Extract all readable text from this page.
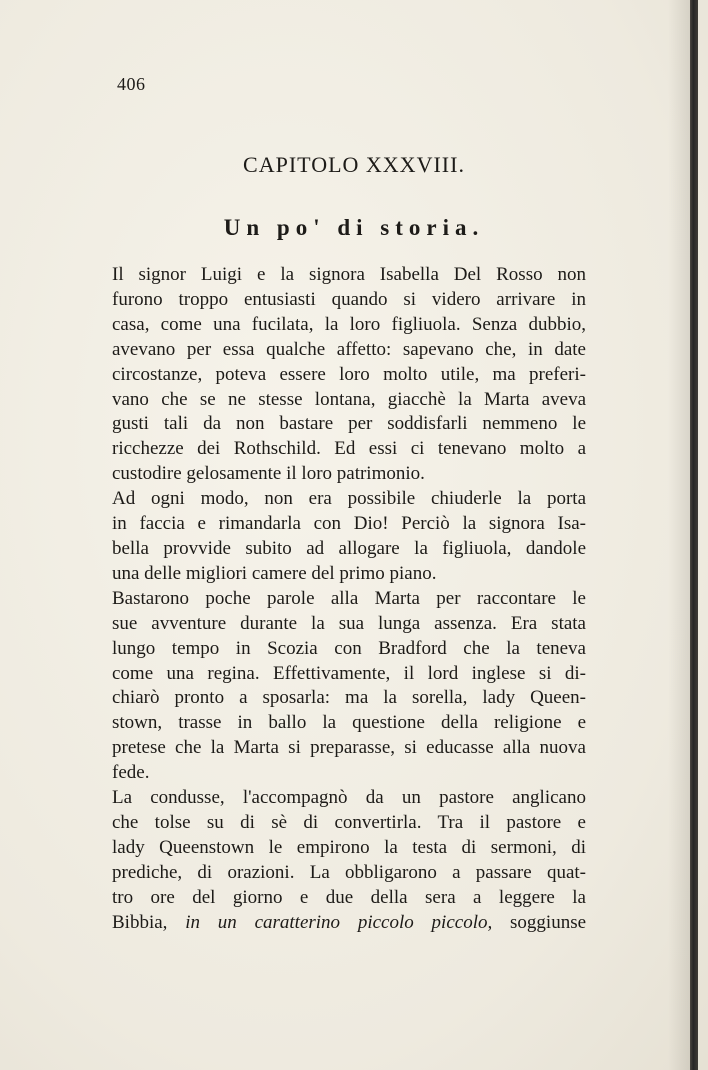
406
CAPITOLO XXXVIII.
Un po' di storia.

Il signor Luigi e la signora Isabella Del Rosso non
furono troppo entusiasti quando si videro arrivare in
casa, come una fucilata, la loro figliuola. Senza dubbio,
avevano per essa qualche affetto: sapevano che, in date
circostanze, poteva essere loro molto utile, ma preferi-
vano che se ne stesse lontana, giacchè la Marta aveva
gusti tali da non bastare per soddisfarli nemmeno le
ricchezze dei Rothschild. Ed essi ci tenevano molto a
custodire gelosamente il loro patrimonio.

Ad ogni modo, non era possibile chiuderle la porta
in faccia e rimandarla con Dio! Perciò la signora Isa-
bella provvide subito ad allogare la figliuola, dandole
una delle migliori camere del primo piano.

Bastarono poche parole alla Marta per raccontare le
sue avventure durante la sua lunga assenza. Era stata
lungo tempo in Scozia con Bradford che la teneva
come una regina. Effettivamente, il lord inglese si di-
chiarò pronto a sposarla: ma la sorella, lady Queen-
stown, trasse in ballo la questione della religione e
pretese che la Marta si preparasse, si educasse alla nuova
fede.

La condusse, l'accompagnò da un pastore anglicano
che tolse su di sè di convertirla. Tra il pastore e
lady Queenstown le empirono la testa di sermoni, di
prediche, di orazioni. La obbligarono a passare quat-
tro ore del giorno e due della sera a leggere la
Bibbia, in un caratterino piccolo piccolo, soggiunse
